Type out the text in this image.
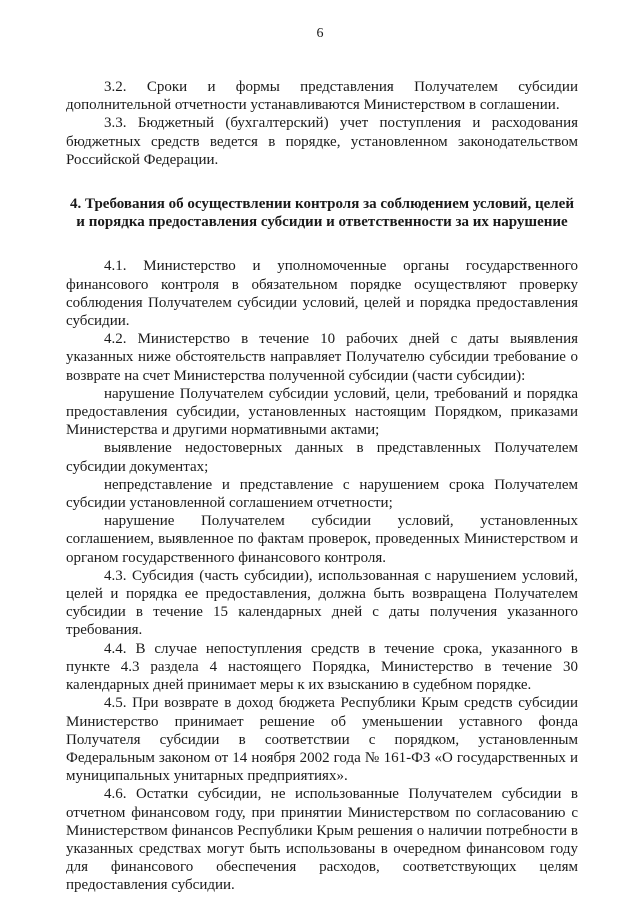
6

3.2. Сроки и формы представления Получателем субсидии дополнительной отчетности устанавливаются Министерством в соглашении.

3.3. Бюджетный (бухгалтерский) учет поступления и расходования бюджетных средств ведется в порядке, установленном законодательством Российской Федерации.

4. Требования об осуществлении контроля за соблюдением условий, целей и порядка предоставления субсидии и ответственности за их нарушение

4.1. Министерство и уполномоченные органы государственного финансового контроля в обязательном порядке осуществляют проверку соблюдения Получателем субсидии условий, целей и порядка предоставления субсидии.

4.2. Министерство в течение 10 рабочих дней с даты выявления указанных ниже обстоятельств направляет Получателю субсидии требование о возврате на счет Министерства полученной субсидии (части субсидии):

нарушение Получателем субсидии условий, цели, требований и порядка предоставления субсидии, установленных настоящим Порядком, приказами Министерства и другими нормативными актами;

выявление недостоверных данных в представленных Получателем субсидии документах;

непредставление и представление с нарушением срока Получателем субсидии установленной соглашением отчетности;

нарушение Получателем субсидии условий, установленных соглашением, выявленное по фактам проверок, проведенных Министерством и органом государственного финансового контроля.

4.3. Субсидия (часть субсидии), использованная с нарушением условий, целей и порядка ее предоставления, должна быть возвращена Получателем субсидии в течение 15 календарных дней с даты получения указанного требования.

4.4. В случае непоступления средств в течение срока, указанного в пункте 4.3 раздела 4 настоящего Порядка, Министерство в течение 30 календарных дней принимает меры к их взысканию в судебном порядке.

4.5. При возврате в доход бюджета Республики Крым средств субсидии Министерство принимает решение об уменьшении уставного фонда Получателя субсидии в соответствии с порядком, установленным Федеральным законом от 14 ноября 2002 года № 161-ФЗ «О государственных и муниципальных унитарных предприятиях».

4.6. Остатки субсидии, не использованные Получателем субсидии в отчетном финансовом году, при принятии Министерством по согласованию с Министерством финансов Республики Крым решения о наличии потребности в указанных средствах могут быть использованы в очередном финансовом году для финансового обеспечения расходов, соответствующих целям предоставления субсидии.
